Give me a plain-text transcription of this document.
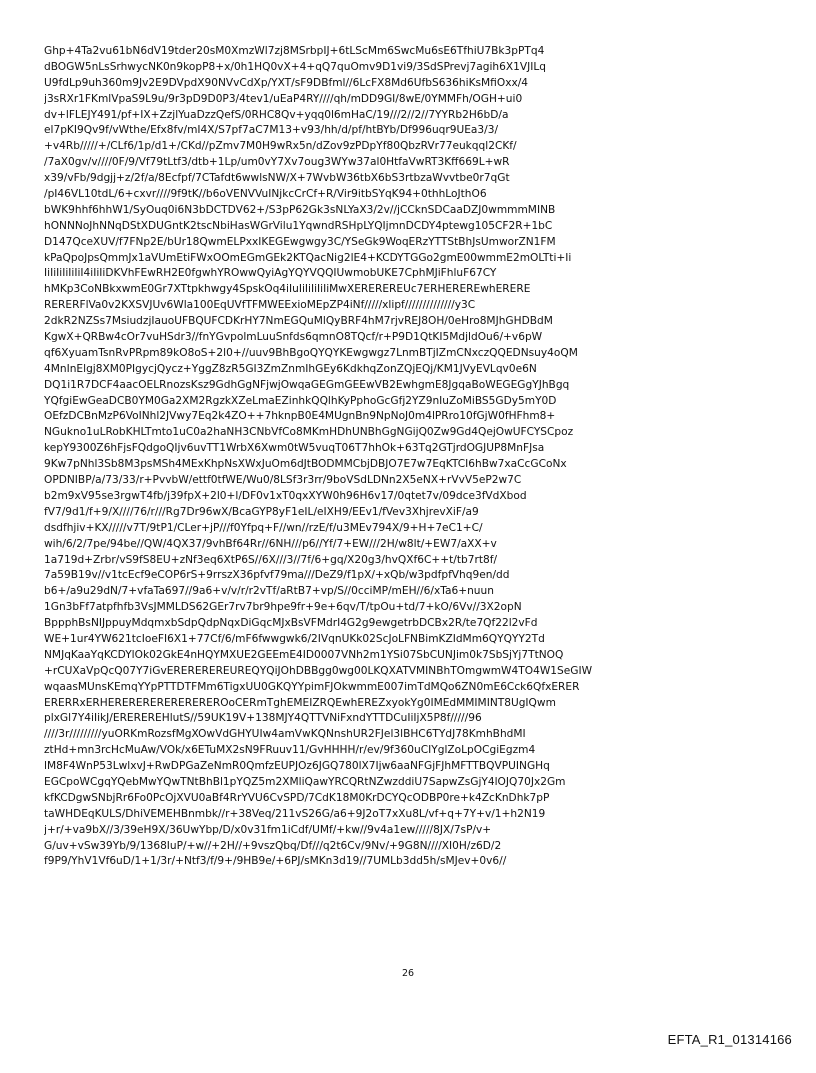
Ghp+4Ta2vu61bN6dV19tder20sM0XmzWl7zj8MSrbpIJ+6tLScMm6SwcMu6sE6TfhiU7Bk3pPTq4
dBOGW5nLsSrhwycNK0n9kopP8+x/0h1HQ0vX+4+qQ7quOmv9D1vi9/3SdSPrevj7agih6X1VJILq
U9fdLp9uh360m9Jv2E9DVpdX90NVvCdXp/YXT/sF9DBfml//6LcFX8Md6UfbS636hiKsMfiOxx/4
j3sRXr1FKmlVpaS9L9u/9r3pD9D0P3/4tev1/uEaP4RY////qh/mDD9GI/8wE/0YMMFh/OGH+ui0
dv+lFLEJY491/pf+IX+ZzjlYuaDzzQefS/0RHC8Qv+yqq0l6mHaC/19///2//2//7YYRb2H6bD/a
el7pKI9Qv9f/vWthe/Efx8fv/mI4X/S7pf7aC7M13+v93/hh/d/pf/htBYb/Df996uqr9UEa3/3/
+v4Rb/////+/CLf6/1p/d1+/CKd//pZmv7M0H9wRx5n/dZov9zPDpYf80QbzRVr77eukqql2CKf/
/7aX0gv/v////0F/9/Vf79tLtf3/dtb+1Lp/um0vY7Xv7oug3WYw37al0HtfaVwRT3Kff669L+wR
x39/vFb/9dgjj+z/2f/a/8Ecfpf/7CTafdt6wwlsNW/X+7WvbW36tbX6bS3rtbzaWvvtbe0r7qGt
/pI46VL10tdL/6+cxvr////9f9tK//b6oVENVVuINjkcCrCf+R/Vir9itbSYqK94+0thhLoJthO6
bWK9hhf6hhW1/SyOuq0i6N3bDCTDV62+/S3pP62Gk3sNLYaX3/2v//jCCknSDCaaDZJ0wmmmMINB
hONNNoJhNNqDStXDUGntK2tscNbiHasWGrVilu1YqwndRSHpLYQIjmnDCDY4ptewg105CF2R+1bC
D147QceXUV/f7FNp2E/bUr18QwmELPxxIKEGEwgwgy3C/YSeGk9WoqERzYTTStBhJsUmworZN1FM
kPaQpoJpsQmmJx1aVUmEtiFWxOOmEGmGEk2KTQacNig2lE4+KCDYTGGo2gmE00wmmE2mOLTti+Ii
IiIiIiIiIiIiI4iIiIiDKVhFEwRH2E0fgwhYROwwQyiAgYQYVQQIUwmobUKE7CphMJiFhluF67CY
hMKp3CoNBkxwmE0Gr7XTtpkhwgy4SpskOq4iIuIiIiIiIiIiMwXEREREREUc7ERHEREREwhERERE
RERERFlVa0v2KXSVJUv6Wla100EqUVfTFMWEExioMEpZP4iNf/////xlipf//////////////y3C
2dkR2NZSs7MsiudzjIauoUFBQUFCDKrHY7NmEGQuMlQyBRF4hM7rjvREJ8OH/0eHro8MJhGHDBdM
KgwX+QRBw4cOr7vuHSdr3//fnYGvpolmLuuSnfds6qmnO8TQcf/r+P9D1QtKI5MdjldOu6/+v6pW
qf6XyuamTsnRvPRpm89kO8oS+2l0+//uuv9BhBgoQYQYKEwgwgz7LnmBTjIZmCNxczQQEDNsuy4oQM
4MnInElgj8XM0PIgycjQycz+YggZ8zR5GI3ZmZnmIhGEy6KdkhqZonZQjEQj/KM1JVyEVLqv0e6N
DQ1i1R7DCF4aacOELRnozsKsz9GdhGgNFjwjOwqaGEGmGEEwVB2EwhgmE8JgqaBoWEGEGgYJhBgq
YQfgiEwGeaDCB0YM0Ga2XM2RgzkXZeLmaEZinhkQQlhKyPphoGcGfj2YZ9nIuZoMiBS5GDy5mY0D
OEfzDCBnMzP6VoINhl2JVwy7Eq2k4ZO++7hknpB0E4MUgnBn9NpNoJ0m4lPRro10fGjW0fHFhm8+
NGukno1uLRobKHLTmto1uC0a2haNH3CNbVfCo8MKmHDhUNBhGgNGijQ0Zw9Gd4QejOwUFCYSCpoz
kepY9300Z6hFjsFQdgoQIjv6uvTT1WrbX6Xwm0tW5vuqT06T7hhOk+63Tq2GTjrdOGJUP8MnFJsa
9Kw7pNhl3Sb8M3psMSh4MExKhpNsXWxJuOm6dJtBODMMCbjDBJO7E7w7EqKTCI6hBw7xaCcGCoNx
OPDNIBP/a/73/33/r+PvvbW/ettf0tfWE/Wu0/8LSf3r3rr/9boVSdLDNn2X5eNX+rVvV5eP2w7C
b2m9xV95se3rgwT4fb/j39fpX+2l0+l/DF0v1xT0qxXYW0h96H6v17/0qtet7v/09dce3fVdXbod
fV7/9d1/f+9/X////76/r///Rg7Dr96wX/BcaGYP8yF1eIL/eIXH9/EEv1/fVev3XhjrevXiF/a9
dsdfhjiv+KX/////v7T/9tP1/CLer+jP///f0Yfpq+F//wn//rzE/f/u3MEv794X/9+H+7eC1+C/
wih/6/2/7pe/94be//QW/4QX37/9vhBf64Rr//6NH///p6//Yf/7+EW///2H/w8lt/+EW7/aXX+v
1a719d+Zrbr/vS9fS8EU+zNf3eq6XtP6S//6X///3//7f/6+gq/X20g3/hvQXf6C++t/tb7rt8f/
7a59B19v//v1tcEcf9eCOP6rS+9rrszX36pfvf79ma///DeZ9/f1pX/+xQb/w3pdfpfVhq9en/dd
b6+/a9u29dN/7+vfaTa697//9a6+v/v/r/r2vTf/aRtB7+vp/S//0cciMP/mEH//6/xTa6+nuun
1Gn3bFf7atpfhfb3VsJMMLDS62GEr7rv7br9hpe9fr+9e+6qv/T/tpOu+td/7+kO/6Vv//3X2opN
BppphBsNIJppuyMdqmxbSdpQdpNqxDiGqcMJxBsVFMdrI4G2g9ewgetrbDCBx2R/te7Qf22l2vFd
WE+1ur4YW621tcIoeFI6X1+77Cf/6/mF6fwwgwk6/2IVqnUKk02ScJoLFNBimKZIdMm6QYQYY2Td
NMJqKaaYqKCDYlOk02GkE4nHQYMXUE2GEEmE4ID0007VNh2m1YSi07SbCUNJim0k7SbSjYj7TtNOQ
+rCUXaVpQcQ07Y7iGvEREREREREUREQYQiJOhDBBgg0wg00LKQXATVMINBhTOmgwmW4TO4W1SeGIW
wqaasMUnsKEmqYYpPTTDTFMm6TigxUU0GKQYYpimFJOkwmmE007imTdMQo6ZN0mE6Cck6QfxERER
ERERRxERHEREREREREREREREROoCERmTghEMEIZRQEwhEREZxyokYg0IMEdMMIMINT8UgIQwm
plxGl7Y4iIikJ/EREREREHlutS//59UK19V+138MJY4QTTVNiFxndYTTDCuIiIjX5P8f/////96
////3r/////////yuORKmRozsfMgXOwVdGHYUIw4amVwKQNnshUR2FJel3lBHC6TYdJ78KmhBhdMI
ztHd+mn3rcHcMuAw/VOk/x6ETuMX2sN9FRuuv11/GvHHHH/r/ev/9f360uCIYglZoLpOCgiEgzm4
lM8F4WnP53LwlxvJ+RwDPGaZeNmR0QmfzEUPJOz6JGQ780lX7Ijw6aaNFGjFJhMFTTBQVPUINGHq
EGCpoWCgqYQebMwYQwTNtBhBl1pYQZ5m2XMliQawYRCQRtNZwzddiU7SapwZsGjY4lOJQ70Jx2Gm
kfKCDgwSNbjRr6Fo0PcOjXVU0aBf4RrYVU6CvSPD/7CdK18M0KrDCYQcODBP0re+k4ZcKnDhk7pP
taWHDEqKULS/DhiVEMEHBnmbk//r+38Veq/211vS26G/a6+9J2oT7xXu8L/vf+q+7Y+v/1+h2N19
j+r/+va9bX//3/39eH9X/36UwYbp/D/x0v31fm1iCdf/UMf/+kw//9v4a1ew/////8JX/7sP/v+
G/uv+vSw39Yb/9/1368IuP/+w//+2H//+9vszQbq/Df///q2t6Cv/9Nv/+9G8N////XI0H/z6D/2
f9P9/YhV1Vf6uD/1+1/3r/+Ntf3/f/9+/9HB9e/+6PJ/sMKn3d19//7UMLb3dd5h/sMJev+0v6//
26
EFTA_R1_01314166
